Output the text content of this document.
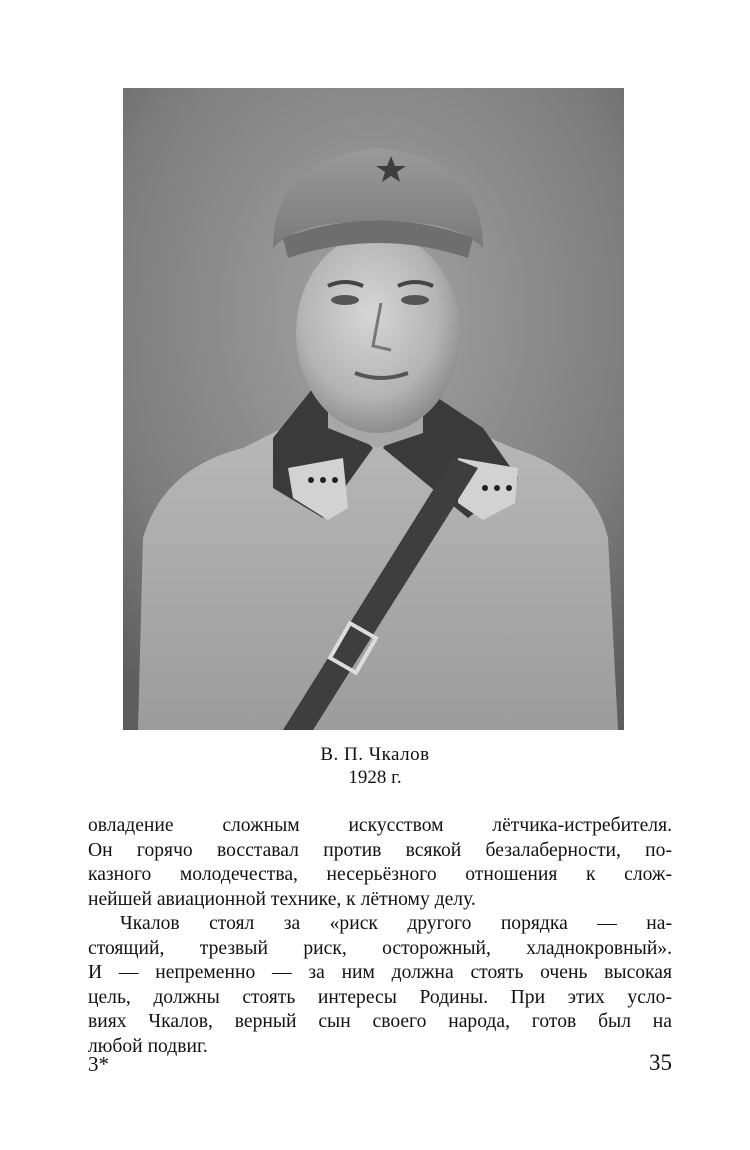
В. П. Чкалов
1928 г.
овладение сложным искусством лётчика-истребителя.
Он горячо восставал против всякой безалаберности, по-
казного молодечества, несерьёзного отношения к слож-
нейшей авиационной технике, к лётному делу.
Чкалов стоял за «риск другого порядка — на-
стоящий, трезвый риск, осторожный, хладнокровный».
И — непременно — за ним должна стоять очень высокая
цель, должны стоять интересы Родины. При этих усло-
виях Чкалов, верный сын своего народа, готов был на
любой подвиг.
3*	35
